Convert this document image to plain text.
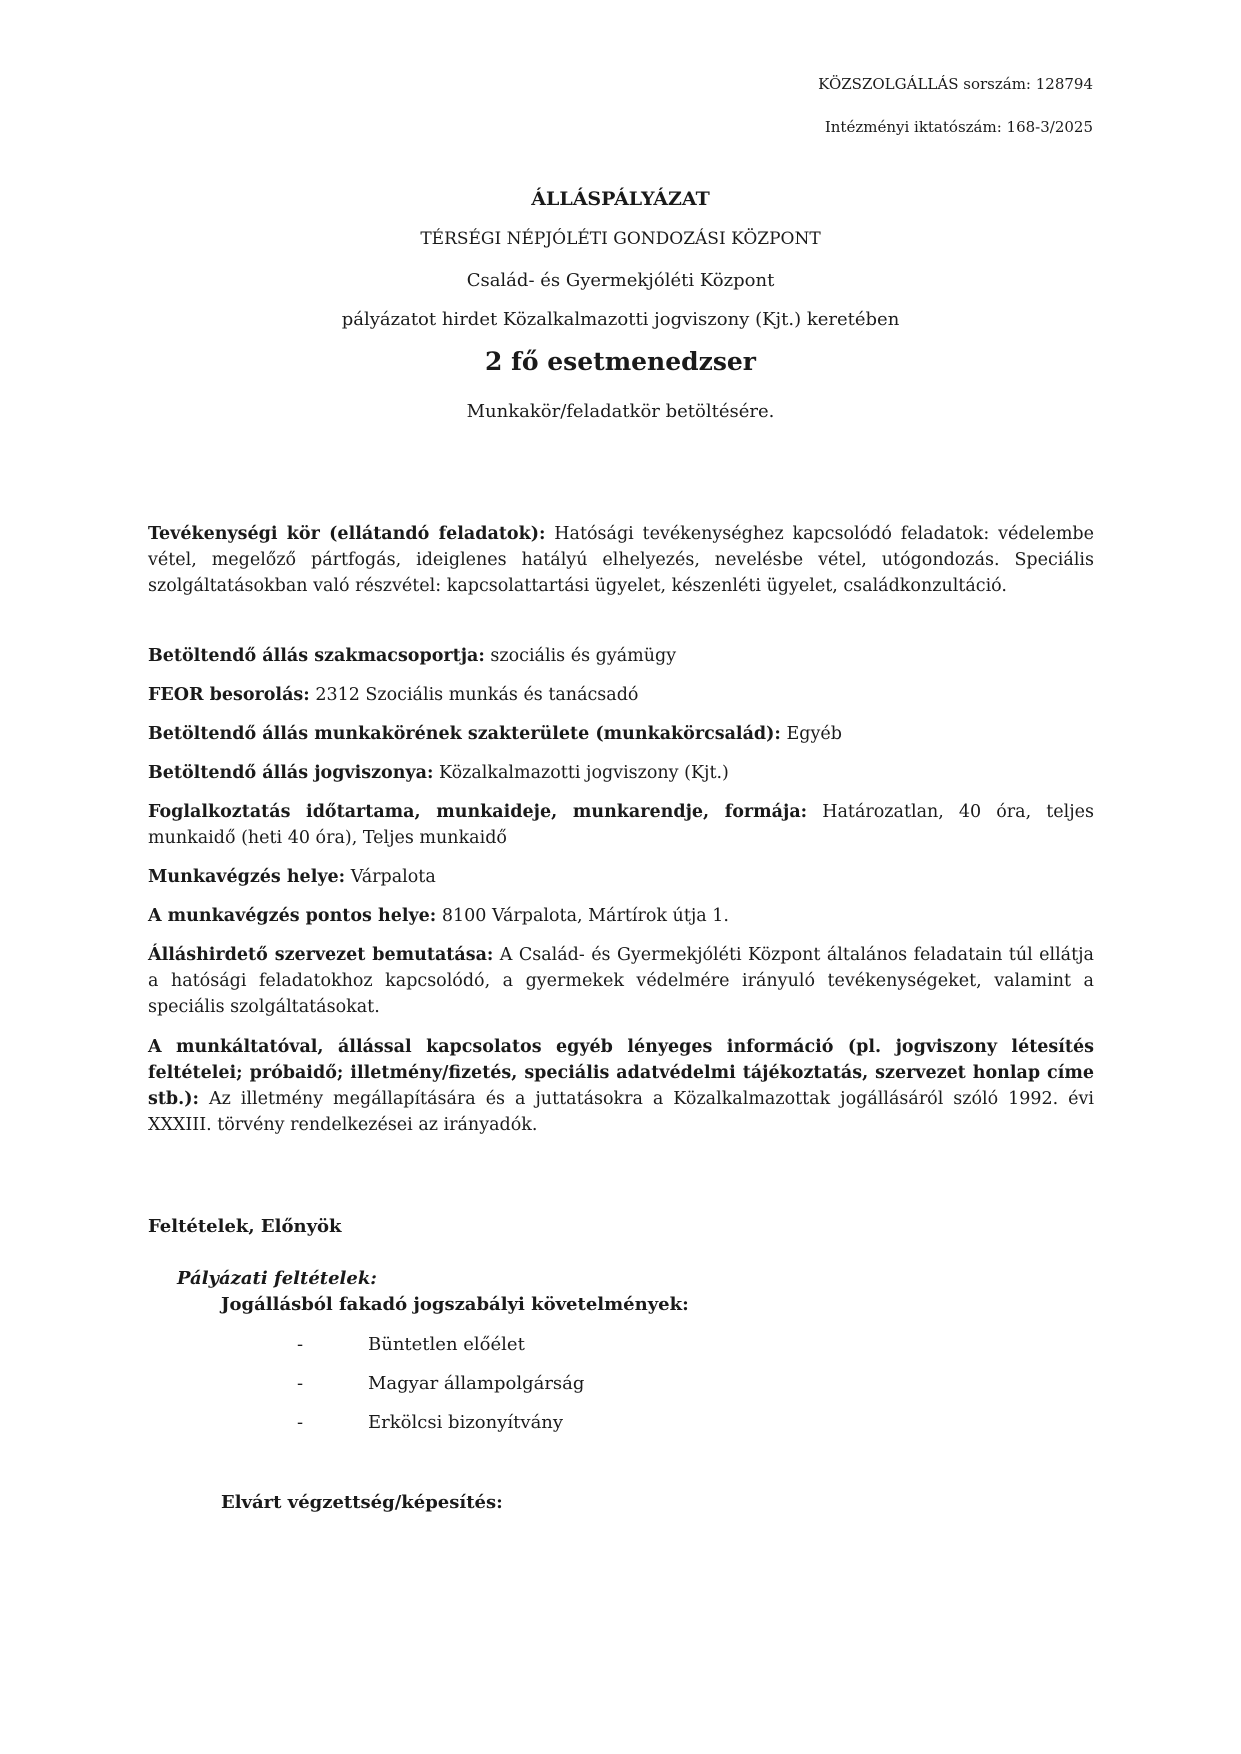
KÖZSZOLGÁLLÁS sorszám: 128794
Intézményi iktatószám: 168-3/2025
ÁLLÁSPÁLYÁZAT
TÉRSÉGI NÉPJÓLÉTI GONDOZÁSI KÖZPONT
Család- és Gyermekjóléti Központ
pályázatot hirdet Közalkalmazotti jogviszony (Kjt.) keretében
2 fő esetmenedzser
Munkakör/feladatkör betöltésére.
Tevékenységi kör (ellátandó feladatok): Hatósági tevékenységhez kapcsolódó feladatok: védelembe vétel, megelőző pártfogás, ideiglenes hatályú elhelyezés, nevelésbe vétel, utógondozás. Speciális szolgáltatásokban való részvétel: kapcsolattartási ügyelet, készenléti ügyelet, családkonzultáció.
Betöltendő állás szakmacsoportja: szociális és gyámügy
FEOR besorolás: 2312 Szociális munkás és tanácsadó
Betöltendő állás munkakörének szakterülete (munkakörcsalád): Egyéb
Betöltendő állás jogviszonya: Közalkalmazotti jogviszony (Kjt.)
Foglalkoztatás időtartama, munkaideje, munkarendje, formája: Határozatlan, 40 óra, teljes munkaidő (heti 40 óra), Teljes munkaidő
Munkavégzés helye: Várpalota
A munkavégzés pontos helye: 8100 Várpalota, Mártírok útja 1.
Álláshirdető szervezet bemutatása: A Család- és Gyermekjóléti Központ általános feladatain túl ellátja a hatósági feladatokhoz kapcsolódó, a gyermekek védelmére irányuló tevékenységeket, valamint a speciális szolgáltatásokat.
A munkáltatóval, állással kapcsolatos egyéb lényeges információ (pl. jogviszony létesítés feltételei; próbaidő; illetmény/fizetés, speciális adatvédelmi tájékoztatás, szervezet honlap címe stb.): Az illetmény megállapítására és a juttatásokra a Közalkalmazottak jogállásáról szóló 1992. évi XXXIII. törvény rendelkezései az irányadók.
Feltételek, Előnyök
Pályázati feltételek:
Jogállásból fakadó jogszabályi követelmények:
-	Büntetlen előélet
-	Magyar állampolgárság
-	Erkölcsi bizonyítvány
Elvárt végzettség/képesítés:
